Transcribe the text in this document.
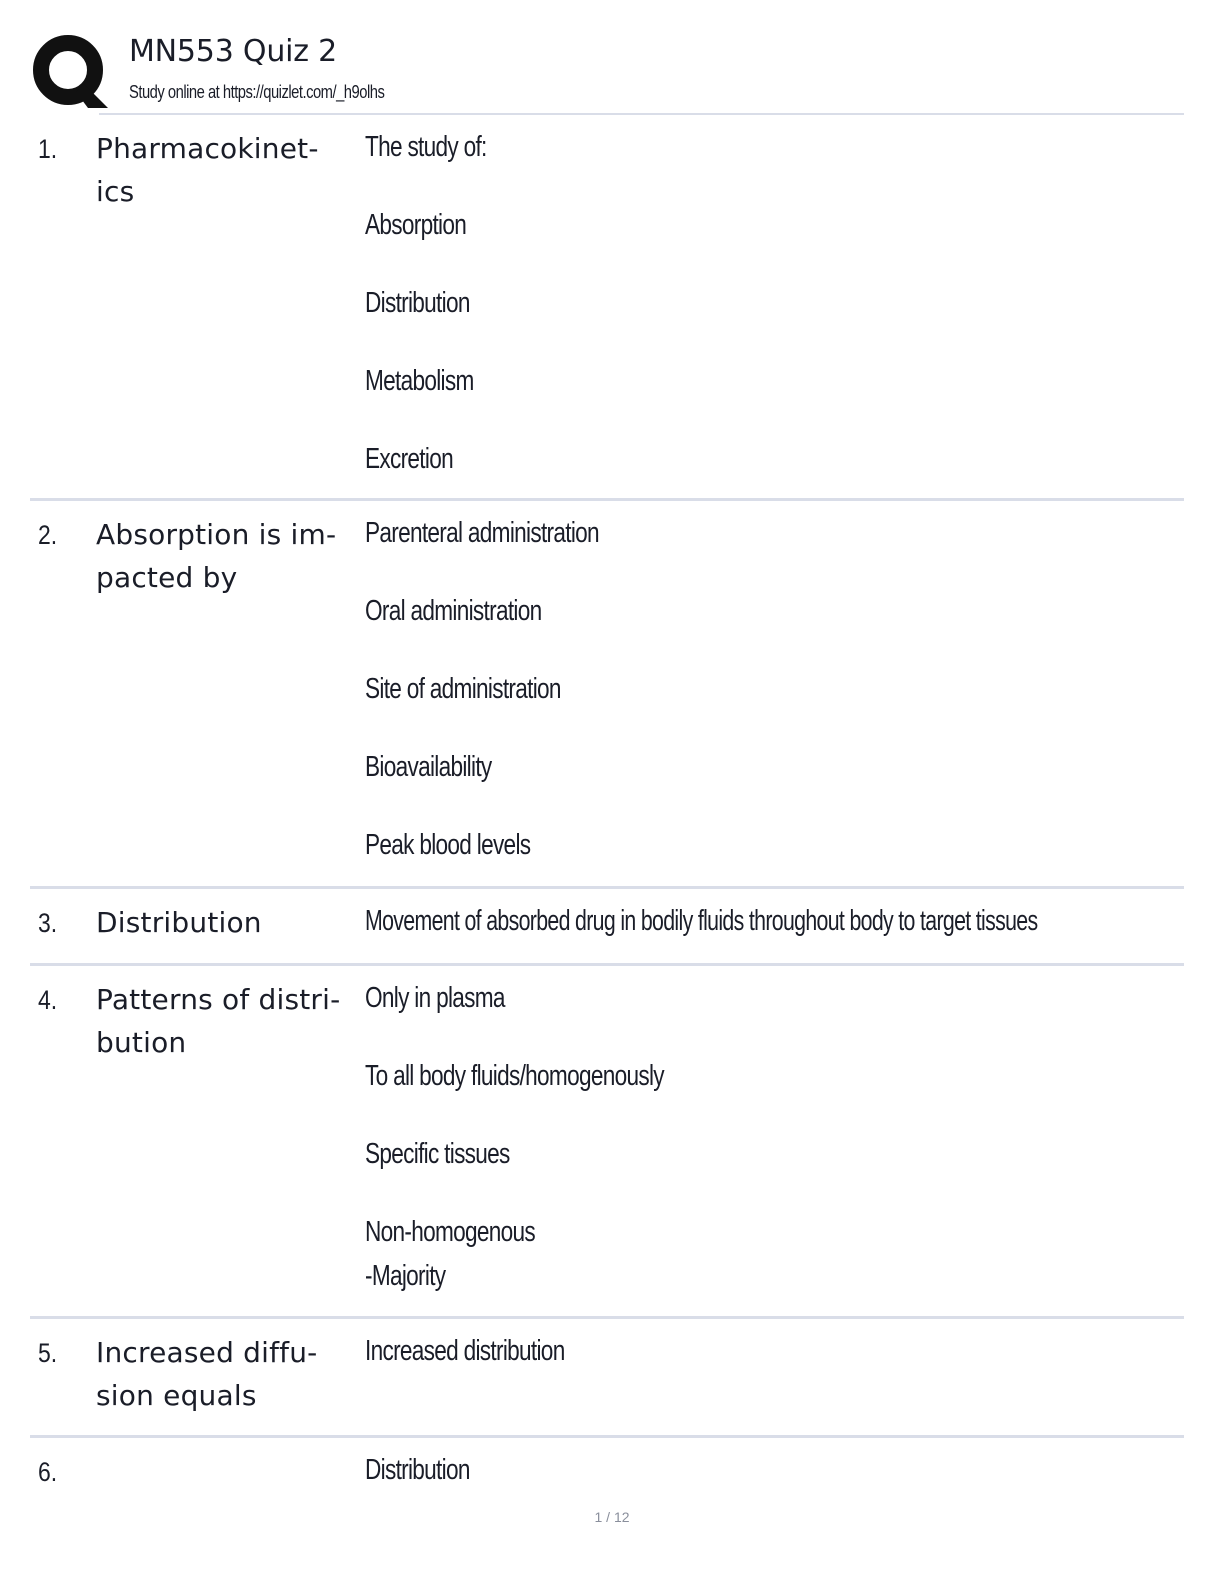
MN553 Quiz 2
Study online at https://quizlet.com/_h9olhs
1. Pharmacokinet-
ics
The study of:
Absorption
Distribution
Metabolism
Excretion
2. Absorption is im-
pacted by
Parenteral administration
Oral administration
Site of administration
Bioavailability
Peak blood levels
3. Distribution	Movement of absorbed drug in bodily fluids throughout body to target tissues
4. Patterns of distri-
bution
Only in plasma
To all body fluids/homogenously
Specific tissues
Non-homogenous
-Majority
5. Increased diffu-
sion equals
Increased distribution
6.	Distribution
1 / 12
